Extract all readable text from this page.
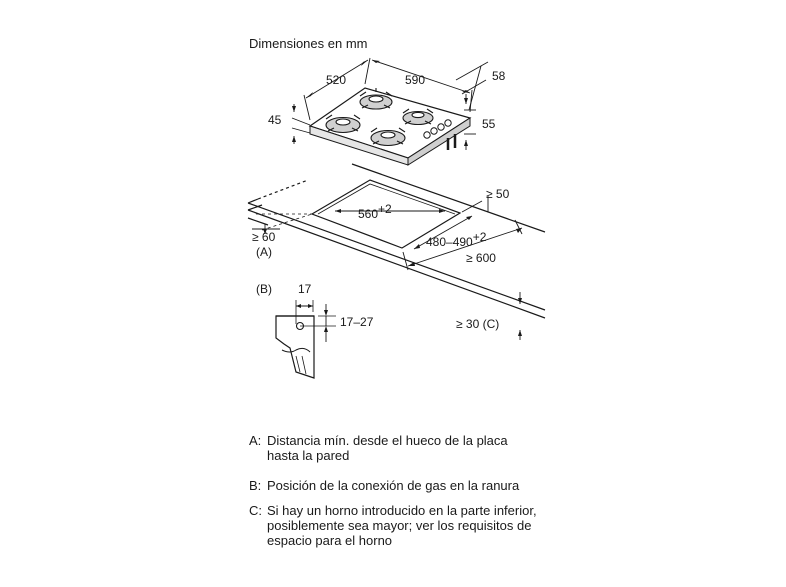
Dimensiones en mm
520	590	58
45	55
560+2
480–490+2
≥ 50
≥ 60
(A)	≥ 600
≥ 30 (C)
(B) 17
17–27
A: Distancia mín. desde el hueco de la placa hasta la pared
B: Posición de la conexión de gas en la ranura
C: Si hay un horno introducido en la parte inferior, posiblemente sea mayor; ver los requisitos de espacio para el horno
